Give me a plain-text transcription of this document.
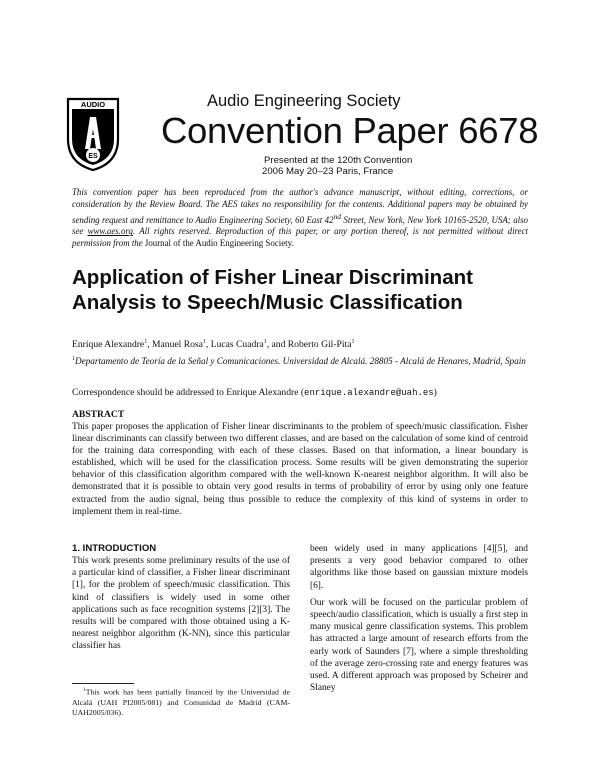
AUDIO
ES
Audio Engineering Society
Convention Paper 6678
Presented at the 120th Convention
2006 May 20–23 Paris, France
This convention paper has been reproduced from the author's advance manuscript, without editing, corrections, or consideration by the Review Board. The AES takes no responsibility for the contents. Additional papers may be obtained by sending request and remittance to Audio Engineering Society, 60 East 42nd Street, New York, New York 10165-2520, USA; also see www.aes.org. All rights reserved. Reproduction of this paper, or any portion thereof, is not permitted without direct permission from the Journal of the Audio Engineering Society.
Application of Fisher Linear Discriminant Analysis to Speech/Music Classification
Enrique Alexandre$^1$, Manuel Rosa$^1$, Lucas Cuadra$^1$, and Roberto Gil-Pita$^1$
$^1$Departamento de Teoría de la Señal y Comunicaciones. Universidad de Alcalá. 28805 - Alcalá de Henares, Madrid, Spain
Correspondence should be addressed to Enrique Alexandre (enrique.alexandre@uah.es)
ABSTRACT
This paper proposes the application of Fisher linear discriminants to the problem of speech/music classification. Fisher linear discriminants can classify between two different classes, and are based on the calculation of some kind of centroid for the training data corresponding with each of these classes. Based on that information, a linear boundary is established, which will be used for the classification process. Some results will be given demonstrating the superior behavior of this classification algorithm compared with the well-known K-nearest neighbor algorithm. It will also be demonstrated that it is possible to obtain very good results in terms of probability of error by using only one feature extracted from the audio signal, being thus possible to reduce the complexity of this kind of systems in order to implement them in real-time.
1. INTRODUCTION
This work presents some preliminary results of the use of a particular kind of classifier, a Fisher linear discriminant [1], for the problem of speech/music classification. This kind of classifiers is widely used in some other applications such as face recognition systems [2][3]. The results will be compared with those obtained using a K-nearest neighbor algorithm (K-NN), since this particular classifier has

been widely used in many applications [4][5], and presents a very good behavior compared to other algorithms like those based on gaussian mixture models [6].

Our work will be focused on the particular problem of speech/audio classification, which is usually a first step in many musical genre classification systems. This problem has attracted a large amount of research efforts from the early work of Saunders [7], where a simple thresholding of the average zero-crossing rate and energy features was used. A different approach was proposed by Scheirer and Slaney

$^1$This work has been partially financed by the Universidad de Alcalá (UAH PI2005/081) and Comunidad de Madrid (CAM-UAH2005/036).
